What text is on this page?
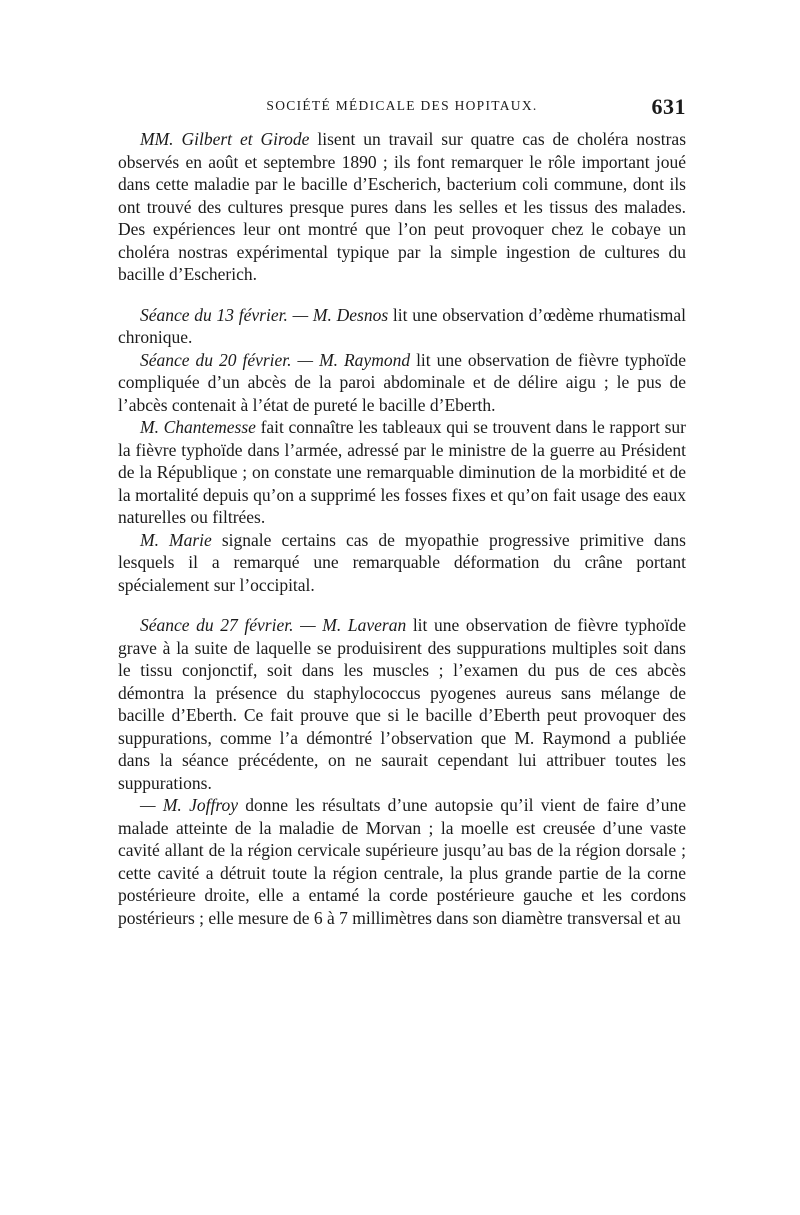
SOCIÉTÉ MÉDICALE DES HOPITAUX.	631

MM. Gilbert et Girode lisent un travail sur quatre cas de choléra nostras observés en août et septembre 1890 ; ils font remarquer le rôle important joué dans cette maladie par le bacille d’Escherich, bacterium coli commune, dont ils ont trouvé des cultures presque pures dans les selles et les tissus des malades. Des expériences leur ont montré que l’on peut provoquer chez le cobaye un choléra nostras expérimental typique par la simple ingestion de cultures du bacille d’Escherich.

Séance du 13 février. — M. Desnos lit une observation d’œdème rhumatismal chronique.

Séance du 20 février. — M. Raymond lit une observation de fièvre typhoïde compliquée d’un abcès de la paroi abdominale et de délire aigu ; le pus de l’abcès contenait à l’état de pureté le bacille d’Eberth.

M. Chantemesse fait connaître les tableaux qui se trouvent dans le rapport sur la fièvre typhoïde dans l’armée, adressé par le ministre de la guerre au Président de la République ; on constate une remarquable diminution de la morbidité et de la mortalité depuis qu’on a supprimé les fosses fixes et qu’on fait usage des eaux naturelles ou filtrées.

M. Marie signale certains cas de myopathie progressive primitive dans lesquels il a remarqué une remarquable déformation du crâne portant spécialement sur l’occipital.

Séance du 27 février. — M. Laveran lit une observation de fièvre typhoïde grave à la suite de laquelle se produisirent des suppurations multiples soit dans le tissu conjonctif, soit dans les muscles ; l’examen du pus de ces abcès démontra la présence du staphylococcus pyogenes aureus sans mélange de bacille d’Eberth. Ce fait prouve que si le bacille d’Eberth peut provoquer des suppurations, comme l’a démontré l’observation que M. Raymond a publiée dans la séance précédente, on ne saurait cependant lui attribuer toutes les suppurations.

— M. Joffroy donne les résultats d’une autopsie qu’il vient de faire d’une malade atteinte de la maladie de Morvan ; la moelle est creusée d’une vaste cavité allant de la région cervicale supérieure jusqu’au bas de la région dorsale ; cette cavité a détruit toute la région centrale, la plus grande partie de la corne postérieure droite, elle a entamé la corde postérieure gauche et les cordons postérieurs ; elle mesure de 6 à 7 millimètres dans son diamètre transversal et au
